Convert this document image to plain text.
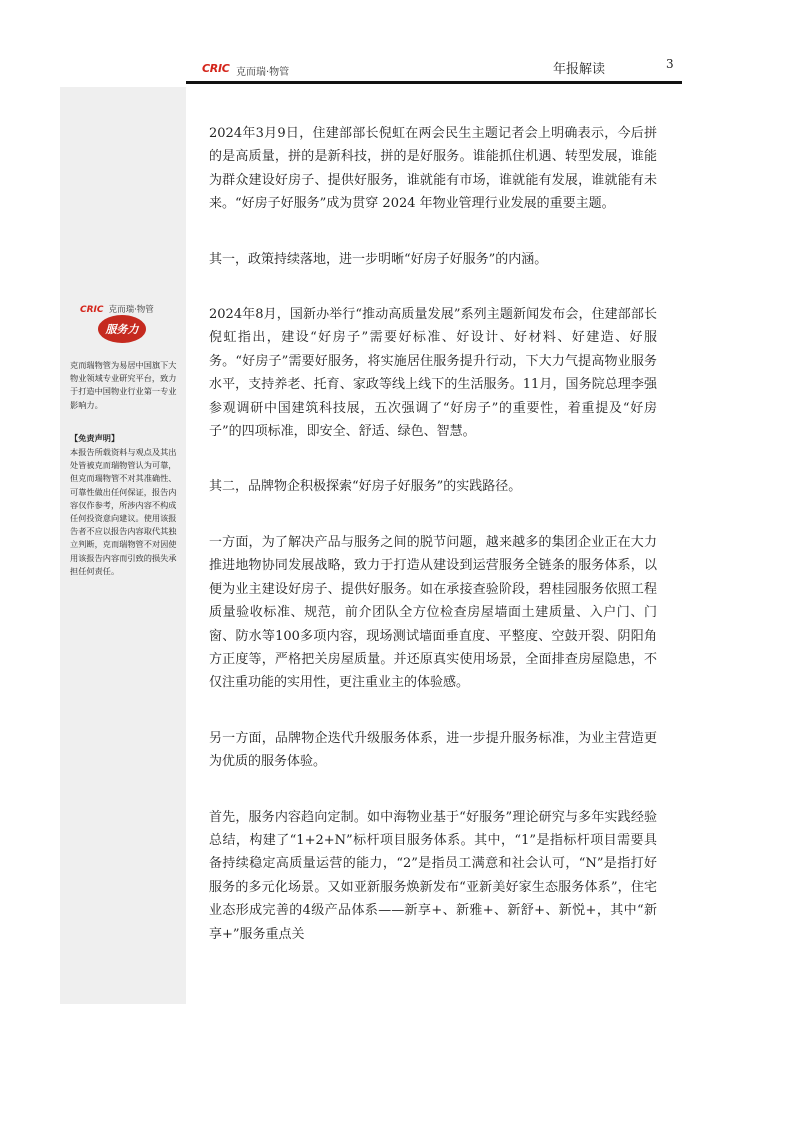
CRIC 克而瑞·物管	年报解读	3
CRIC 克而瑞·物管
服务力
克而瑞物管为易居中国旗下大物业领域专业研究平台，致力于打造中国物业行业第一专业影响力。
【免责声明】
本报告所载资料与观点及其出处皆被克而瑞物管认为可靠，但克而瑞物管不对其准确性、可靠性做出任何保证，报告内容仅作参考，所涉内容不构成任何投资意向建议。使用该报告者不应以报告内容取代其独立判断，克而瑞物管不对因使用该报告内容而引致的损失承担任何责任。

2024年3月9日，住建部部长倪虹在两会民生主题记者会上明确表示，今后拼的是高质量，拼的是新科技，拼的是好服务。谁能抓住机遇、转型发展，谁能为群众建设好房子、提供好服务，谁就能有市场，谁就能有发展，谁就能有未来。“好房子好服务”成为贯穿 2024 年物业管理行业发展的重要主题。

其一，政策持续落地，进一步明晰“好房子好服务”的内涵。

2024年8月，国新办举行“推动高质量发展”系列主题新闻发布会，住建部部长倪虹指出，建设“好房子”需要好标准、好设计、好材料、好建造、好服务。“好房子”需要好服务，将实施居住服务提升行动，下大力气提高物业服务水平，支持养老、托育、家政等线上线下的生活服务。11月，国务院总理李强参观调研中国建筑科技展，五次强调了“好房子”的重要性，着重提及“好房子”的四项标准，即安全、舒适、绿色、智慧。

其二，品牌物企积极探索“好房子好服务”的实践路径。

一方面，为了解决产品与服务之间的脱节问题，越来越多的集团企业正在大力推进地物协同发展战略，致力于打造从建设到运营服务全链条的服务体系，以便为业主建设好房子、提供好服务。如在承接查验阶段，碧桂园服务依照工程质量验收标准、规范，前介团队全方位检查房屋墙面土建质量、入户门、门窗、防水等100多项内容，现场测试墙面垂直度、平整度、空鼓开裂、阴阳角方正度等，严格把关房屋质量。并还原真实使用场景，全面排查房屋隐患，不仅注重功能的实用性，更注重业主的体验感。

另一方面，品牌物企迭代升级服务体系，进一步提升服务标准，为业主营造更为优质的服务体验。

首先，服务内容趋向定制。如中海物业基于“好服务”理论研究与多年实践经验总结，构建了“1+2+N”标杆项目服务体系。其中，“1”是指标杆项目需要具备持续稳定高质量运营的能力，“2”是指员工满意和社会认可，“N”是指打好服务的多元化场景。又如亚新服务焕新发布“亚新美好家生态服务体系”，住宅业态形成完善的4级产品体系——新享+、新雅+、新舒+、新悦+，其中“新享+”服务重点关
